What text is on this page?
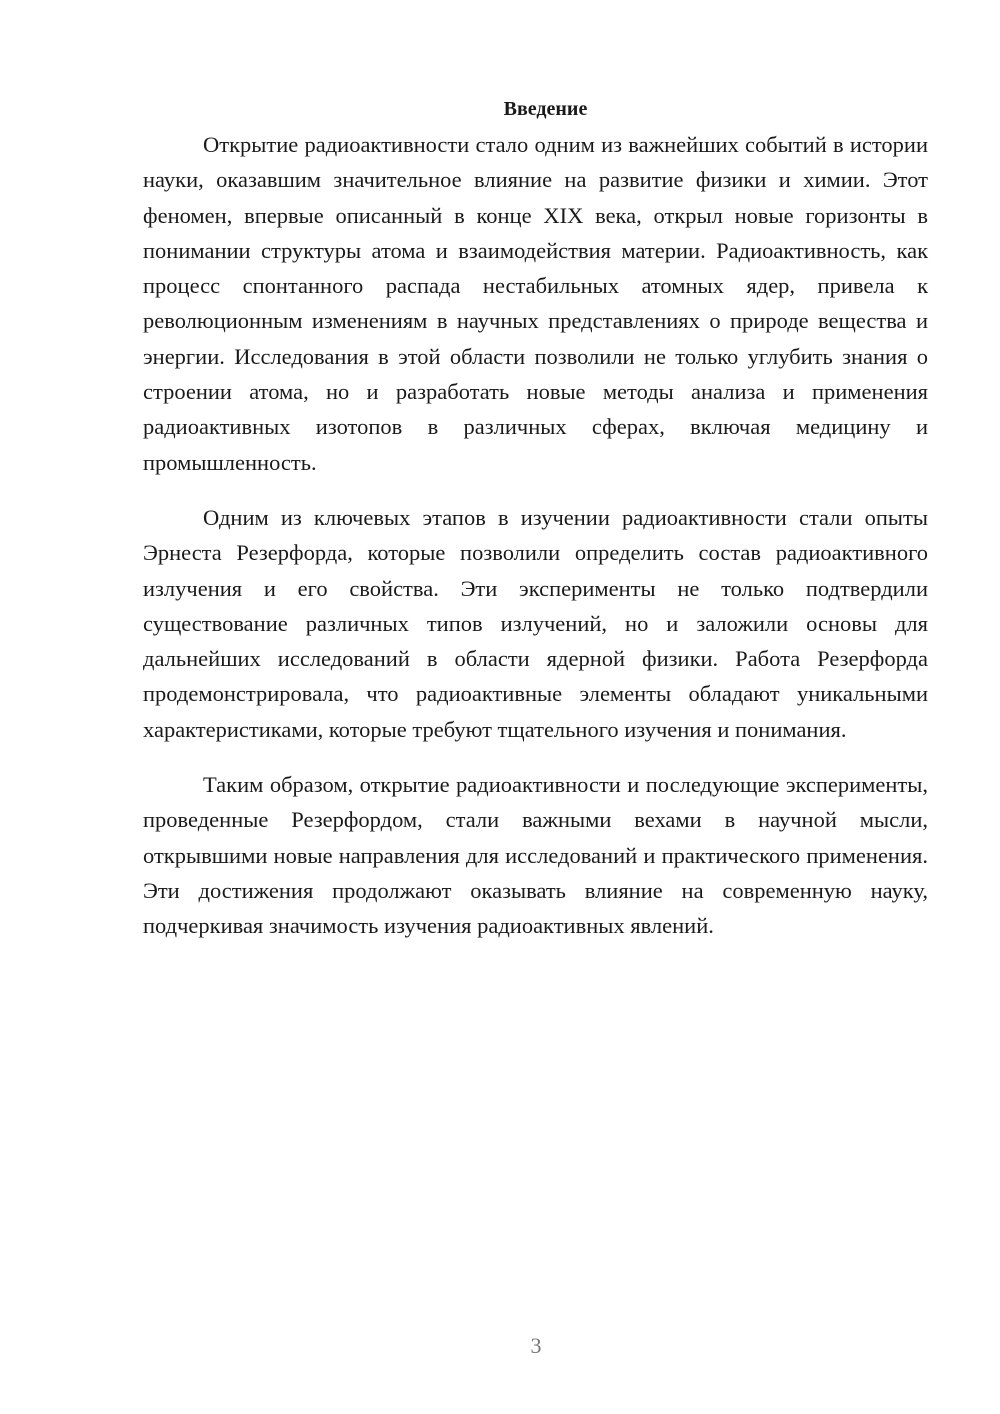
Введение

Открытие радиоактивности стало одним из важнейших событий в истории науки, оказавшим значительное влияние на развитие физики и химии. Этот феномен, впервые описанный в конце XIX века, открыл новые горизонты в понимании структуры атома и взаимодействия материи. Радиоактивность, как процесс спонтанного распада нестабильных атомных ядер, привела к революционным изменениям в научных представлениях о природе вещества и энергии. Исследования в этой области позволили не только углубить знания о строении атома, но и разработать новые методы анализа и применения радиоактивных изотопов в различных сферах, включая медицину и промышленность.

Одним из ключевых этапов в изучении радиоактивности стали опыты Эрнеста Резерфорда, которые позволили определить состав радиоактивного излучения и его свойства. Эти эксперименты не только подтвердили существование различных типов излучений, но и заложили основы для дальнейших исследований в области ядерной физики. Работа Резерфорда продемонстрировала, что радиоактивные элементы обладают уникальными характеристиками, которые требуют тщательного изучения и понимания.

Таким образом, открытие радиоактивности и последующие эксперименты, проведенные Резерфордом, стали важными вехами в научной мысли, открывшими новые направления для исследований и практического применения. Эти достижения продолжают оказывать влияние на современную науку, подчеркивая значимость изучения радиоактивных явлений.

3
